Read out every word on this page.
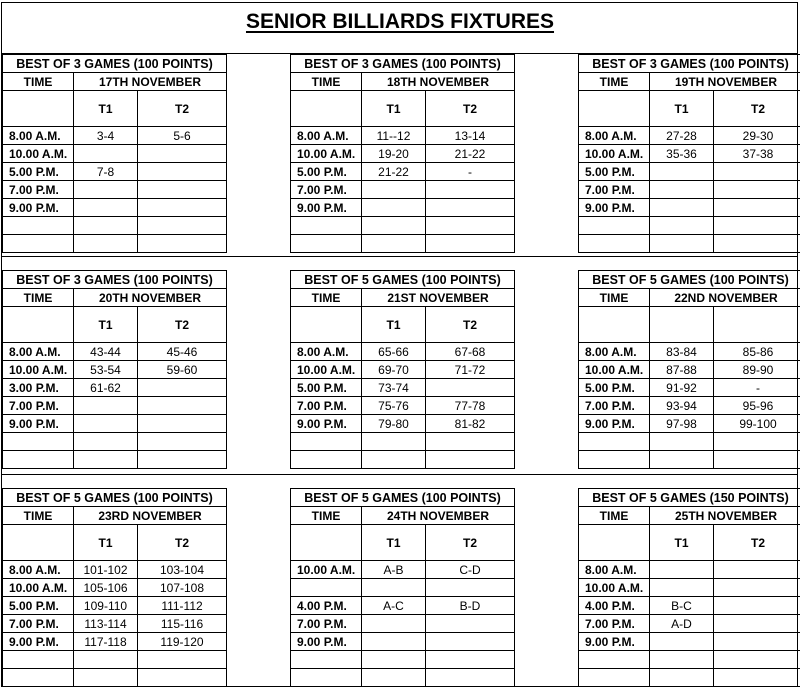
SENIOR BILLIARDS FIXTURES
BEST OF 3 GAMES (100 POINTS)		
TIME	17TH NOVEMBER	
	T1	T2
8.00 A.M.	3-4	5-6
10.00 A.M.		
5.00 P.M.	7-8	
7.00 P.M.		
9.00 P.M.		

BEST OF 3 GAMES (100 POINTS)		
TIME	18TH NOVEMBER	
	T1	T2
8.00 A.M.	11--12	13-14
10.00 A.M.	19-20	21-22
5.00 P.M.	21-22	-
7.00 P.M.		
9.00 P.M.		

BEST OF 3 GAMES (100 POINTS)		
TIME	19TH NOVEMBER	
	T1	T2
8.00 A.M.	27-28	29-30
10.00 A.M.	35-36	37-38
5.00 P.M.		
7.00 P.M.		
9.00 P.M.		

BEST OF 3 GAMES (100 POINTS)		
TIME	20TH NOVEMBER	
	T1	T2
8.00 A.M.	43-44	45-46
10.00 A.M.	53-54	59-60
3.00 P.M.	61-62	
7.00 P.M.		
9.00 P.M.		

BEST OF 5 GAMES (100 POINTS)		
TIME	21ST NOVEMBER	
	T1	T2
8.00 A.M.	65-66	67-68
10.00 A.M.	69-70	71-72
5.00 P.M.	73-74	
7.00 P.M.	75-76	77-78
9.00 P.M.	79-80	81-82

BEST OF 5 GAMES (100 POINTS)		
TIME	22ND NOVEMBER	

8.00 A.M.	83-84	85-86
10.00 A.M.	87-88	89-90
5.00 P.M.	91-92	-
7.00 P.M.	93-94	95-96
9.00 P.M.	97-98	99-100

BEST OF 5 GAMES (100 POINTS)		
TIME	23RD NOVEMBER	
	T1	T2
8.00 A.M.	101-102	103-104
10.00 A.M.	105-106	107-108
5.00 P.M.	109-110	111-112
7.00 P.M.	113-114	115-116
9.00 P.M.	117-118	119-120

BEST OF 5 GAMES (100 POINTS)		
TIME	24TH NOVEMBER	
	T1	T2
10.00 A.M.	A-B	C-D

4.00 P.M.	A-C	B-D
7.00 P.M.		
9.00 P.M.		

BEST OF 5 GAMES (150 POINTS)		
TIME	25TH NOVEMBER	
	T1	T2
8.00 A.M.		
10.00 A.M.		
4.00 P.M.	B-C	
7.00 P.M.	A-D	
9.00 P.M.		
